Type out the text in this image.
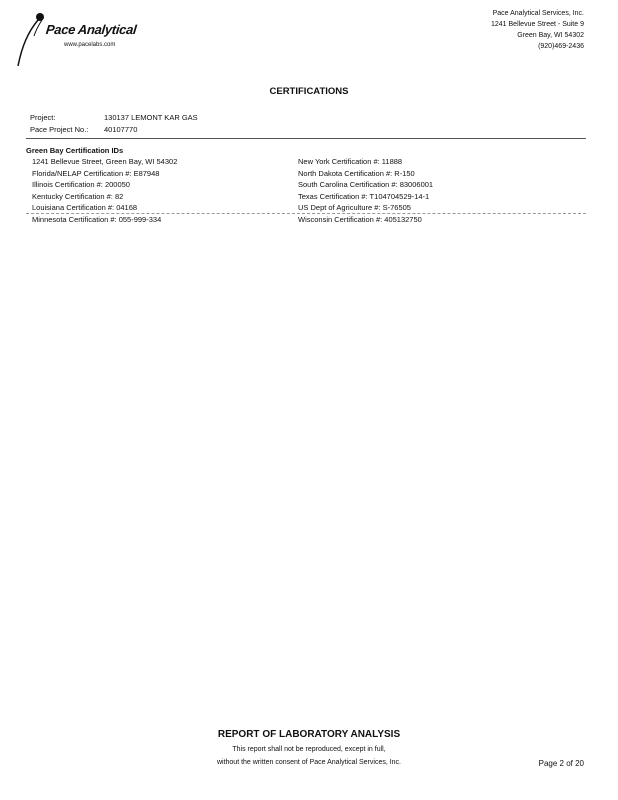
Pace Analytical
www.pacelabs.com
Pace Analytical Services, Inc.
1241 Bellevue Street - Suite 9
Green Bay, WI 54302
(920)469-2436
CERTIFICATIONS
Project:	130137 LEMONT KAR GAS
Pace Project No.: 40107770
Green Bay Certification IDs
1241 Bellevue Street, Green Bay, WI 54302
Florida/NELAP Certification #: E87948
Illinois Certification #: 200050
Kentucky Certification #: 82
Louisiana Certification #: 04168
Minnesota Certification #: 055-999-334
New York Certification #: 11888
North Dakota Certification #: R-150
South Carolina Certification #: 83006001
Texas Certification #: T104704529-14-1
US Dept of Agriculture #: S-76505
Wisconsin Certification #: 405132750
REPORT OF LABORATORY ANALYSIS
This report shall not be reproduced, except in full,
without the written consent of Pace Analytical Services, Inc.	Page 2 of 20
